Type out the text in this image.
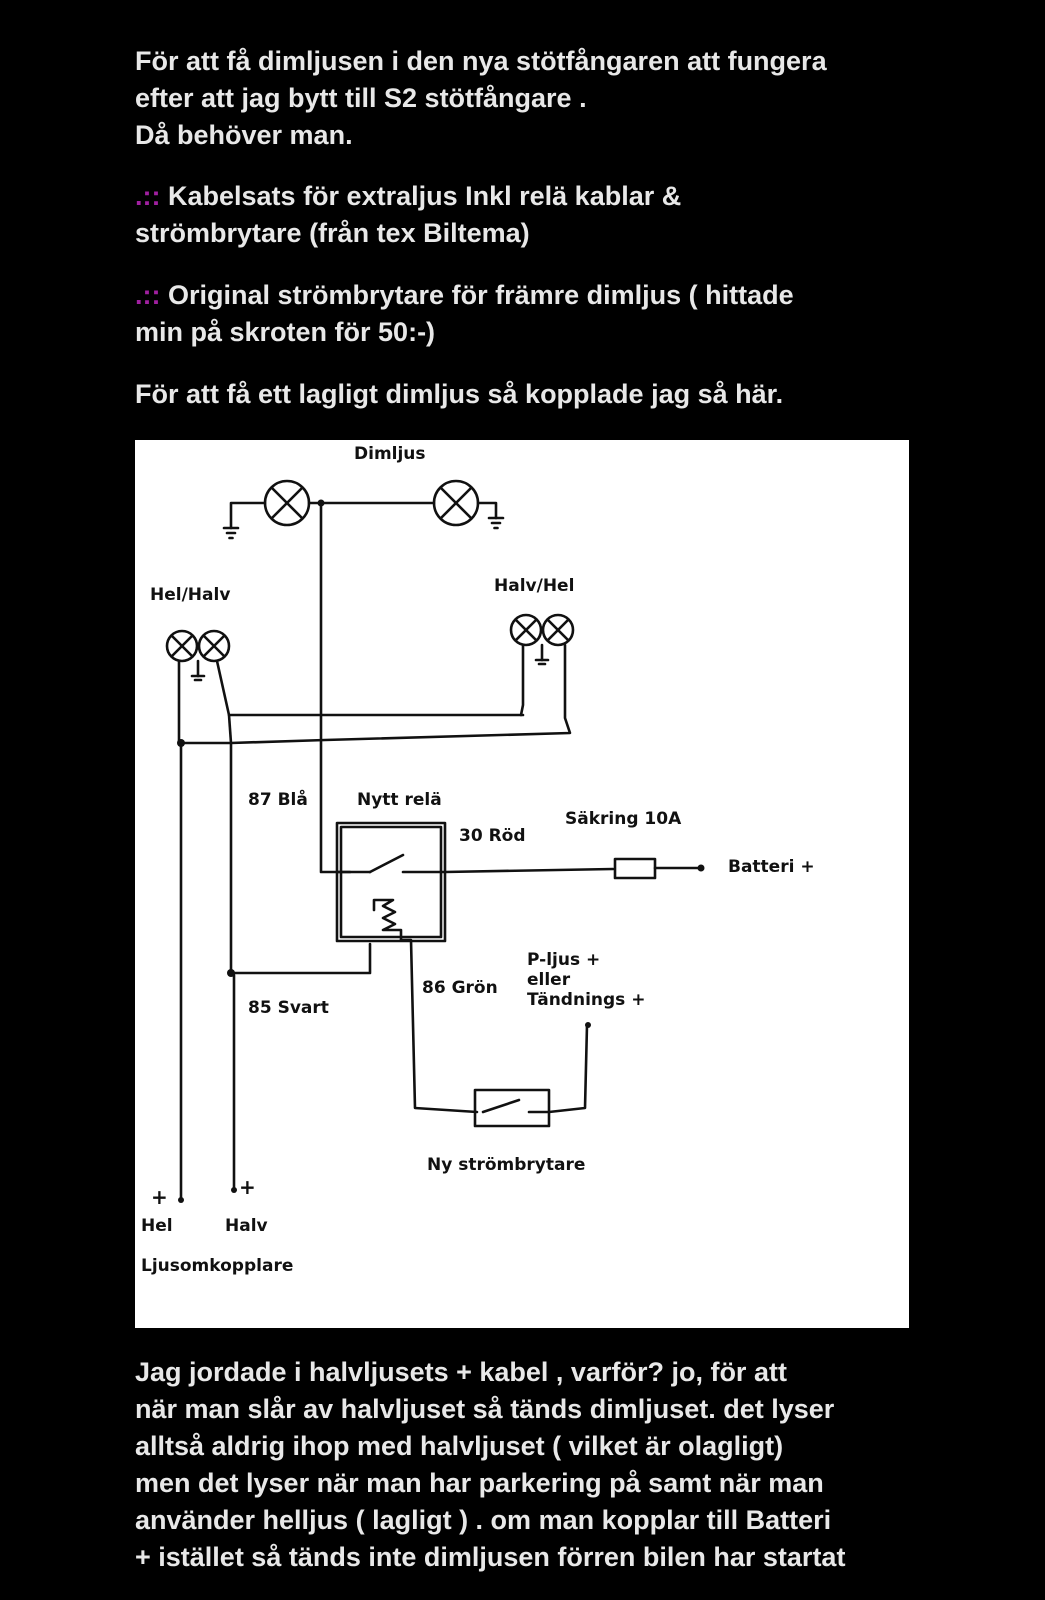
För att få dimljusen i den nya stötfångaren att fungera
efter att jag bytt till S2 stötfångare .
Då behöver man.
.:: Kabelsats för extraljus Inkl relä kablar &
strömbrytare (från tex Biltema)
.:: Original strömbrytare för främre dimljus ( hittade
min på skroten för 50:-)
För att få ett lagligt dimljus så kopplade jag så här.
Dimljus
Hel/Halv	Halv/Hel
87 Blå	Nytt relä
30 Röd
Säkring 10A
Batteri +
86 Grön
85 Svart
P-ljus +
eller
Tändnings +
Ny strömbrytare
+	+
Hel	Halv
Ljusomkopplare
Jag jordade i halvljusets + kabel , varför? jo, för att
när man slår av halvljuset så tänds dimljuset. det lyser
alltså aldrig ihop med halvljuset ( vilket är olagligt)
men det lyser när man har parkering på samt när man
använder helljus ( lagligt ) . om man kopplar till Batteri
+ istället så tänds inte dimljusen förren bilen har startat
